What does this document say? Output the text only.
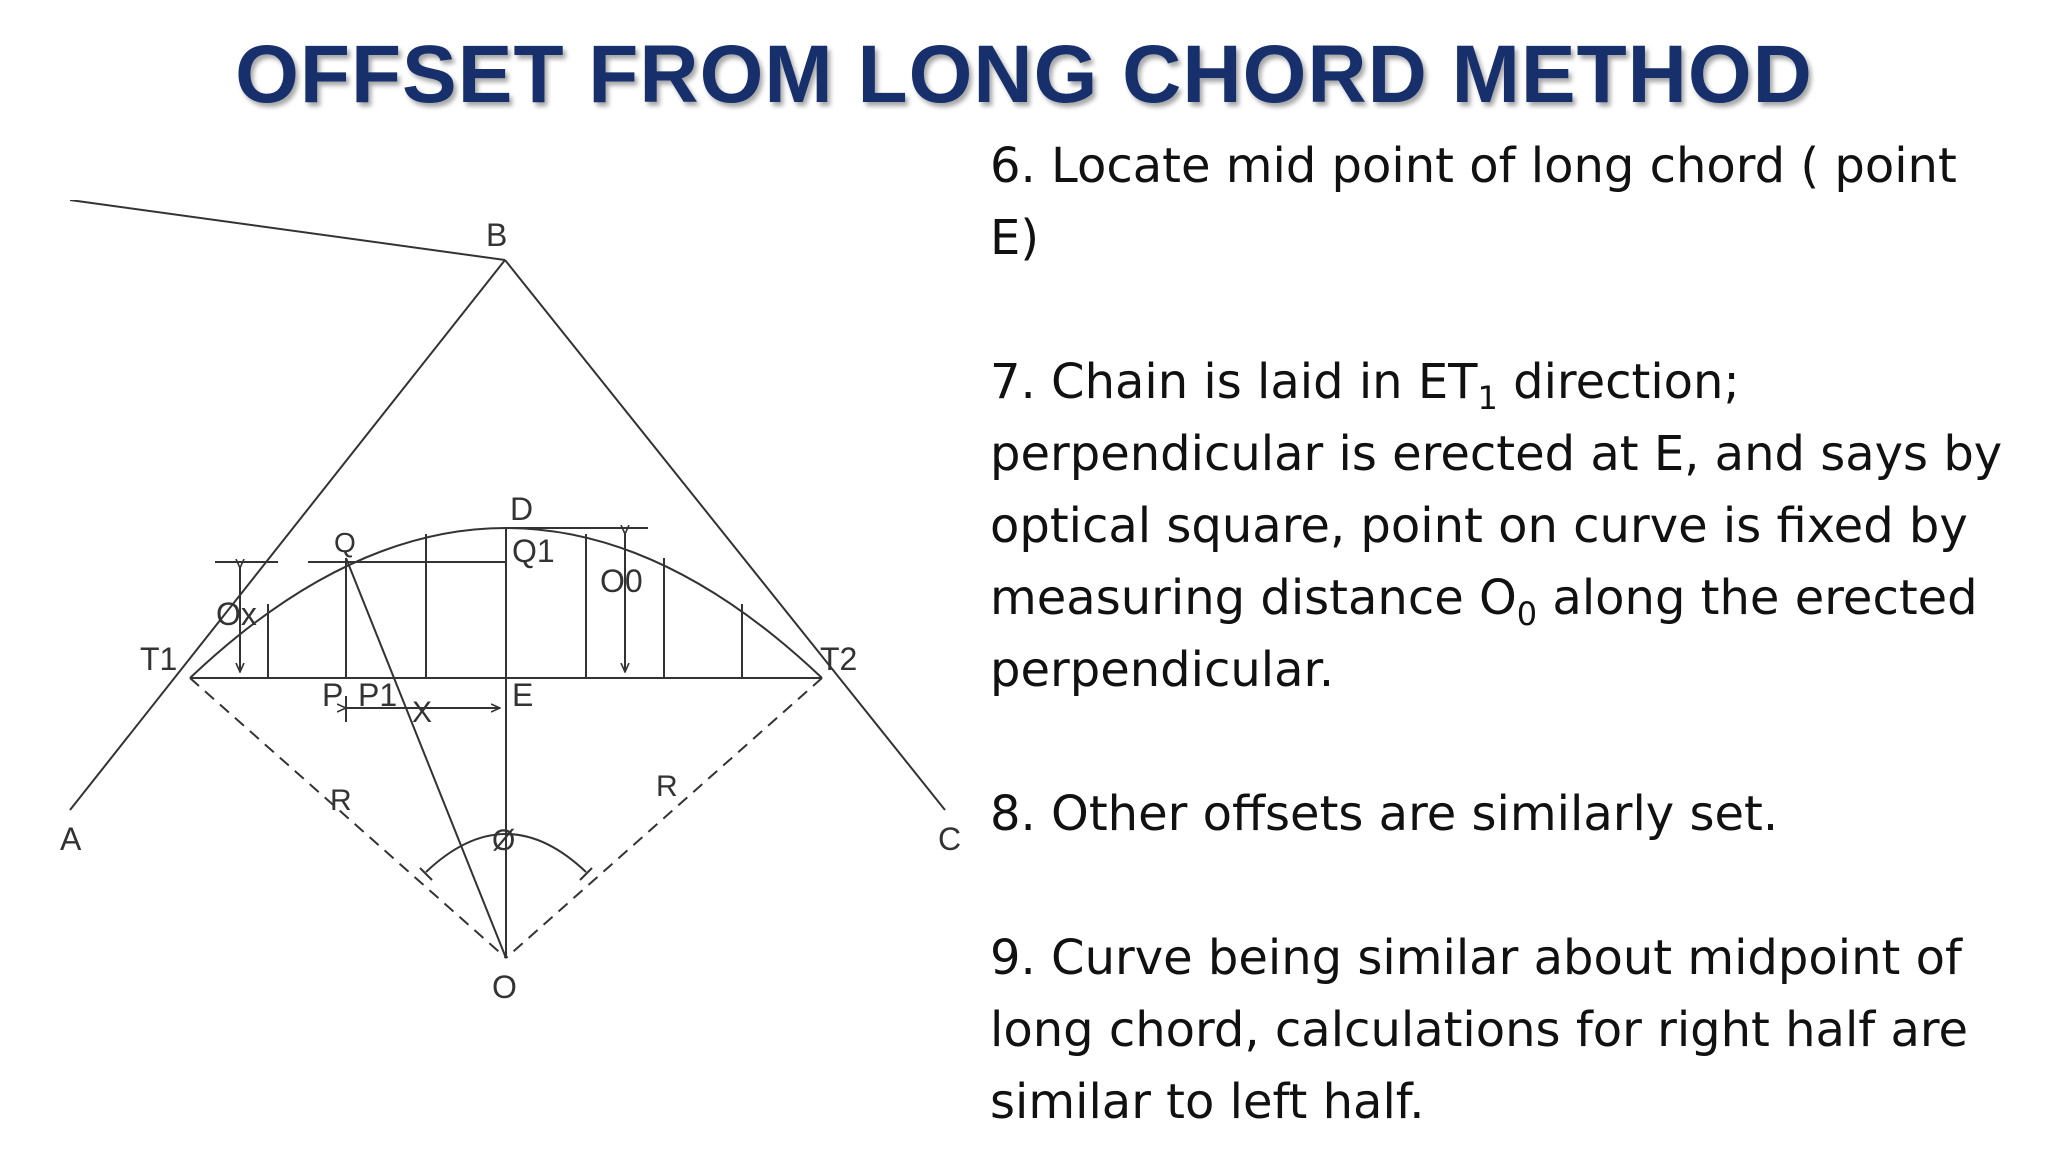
OFFSET FROM LONG CHORD METHOD
A
B
C
D
Q	Q1
Ox
O0
T1	T2
P P1	E
X
R	R
Ø
O

6. Locate mid point of long chord ( point E)

7. Chain is laid in $ET_1$ direction; perpendicular is erected at E, and says by optical square, point on curve is fixed by measuring distance $O_0$ along the erected perpendicular.

8. Other offsets are similarly set.

9. Curve being similar about midpoint of long chord, calculations for right half are similar to left half.
